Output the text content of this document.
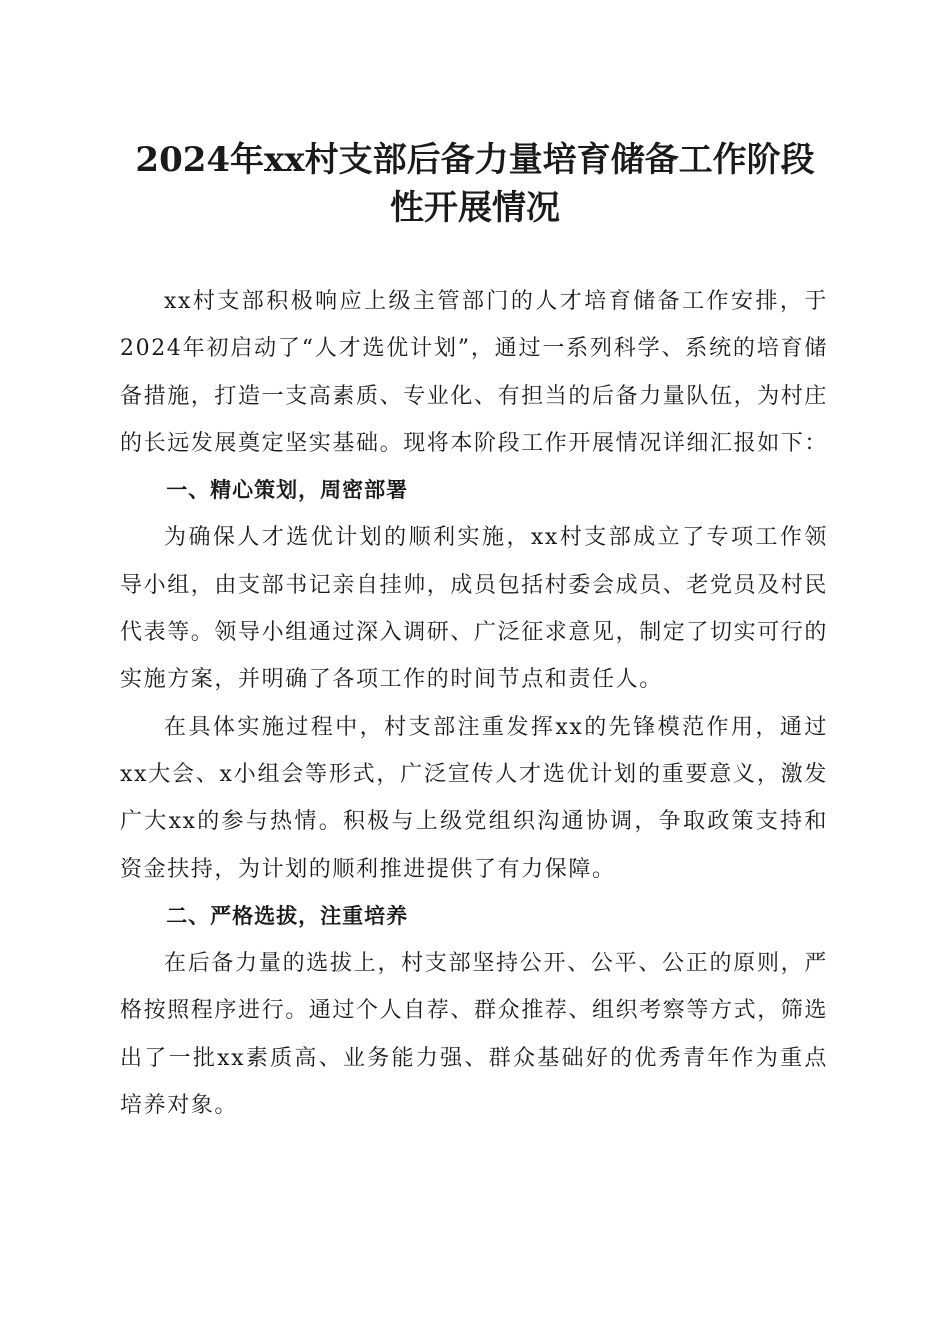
2024年xx村支部后备力量培育储备工作阶段
性开展情况

xx村支部积极响应上级主管部门的人才培育储备工作安排，于2024年初启动了“人才选优计划”，通过一系列科学、系统的培育储备措施，打造一支高素质、专业化、有担当的后备力量队伍，为村庄的长远发展奠定坚实基础。现将本阶段工作开展情况详细汇报如下：

一、精心策划，周密部署

为确保人才选优计划的顺利实施，xx村支部成立了专项工作领导小组，由支部书记亲自挂帅，成员包括村委会成员、老党员及村民代表等。领导小组通过深入调研、广泛征求意见，制定了切实可行的实施方案，并明确了各项工作的时间节点和责任人。

在具体实施过程中，村支部注重发挥xx的先锋模范作用，通过xx大会、x小组会等形式，广泛宣传人才选优计划的重要意义，激发广大xx的参与热情。积极与上级党组织沟通协调，争取政策支持和资金扶持，为计划的顺利推进提供了有力保障。

二、严格选拔，注重培养

在后备力量的选拔上，村支部坚持公开、公平、公正的原则，严格按照程序进行。通过个人自荐、群众推荐、组织考察等方式，筛选出了一批xx素质高、业务能力强、群众基础好的优秀青年作为重点培养对象。
